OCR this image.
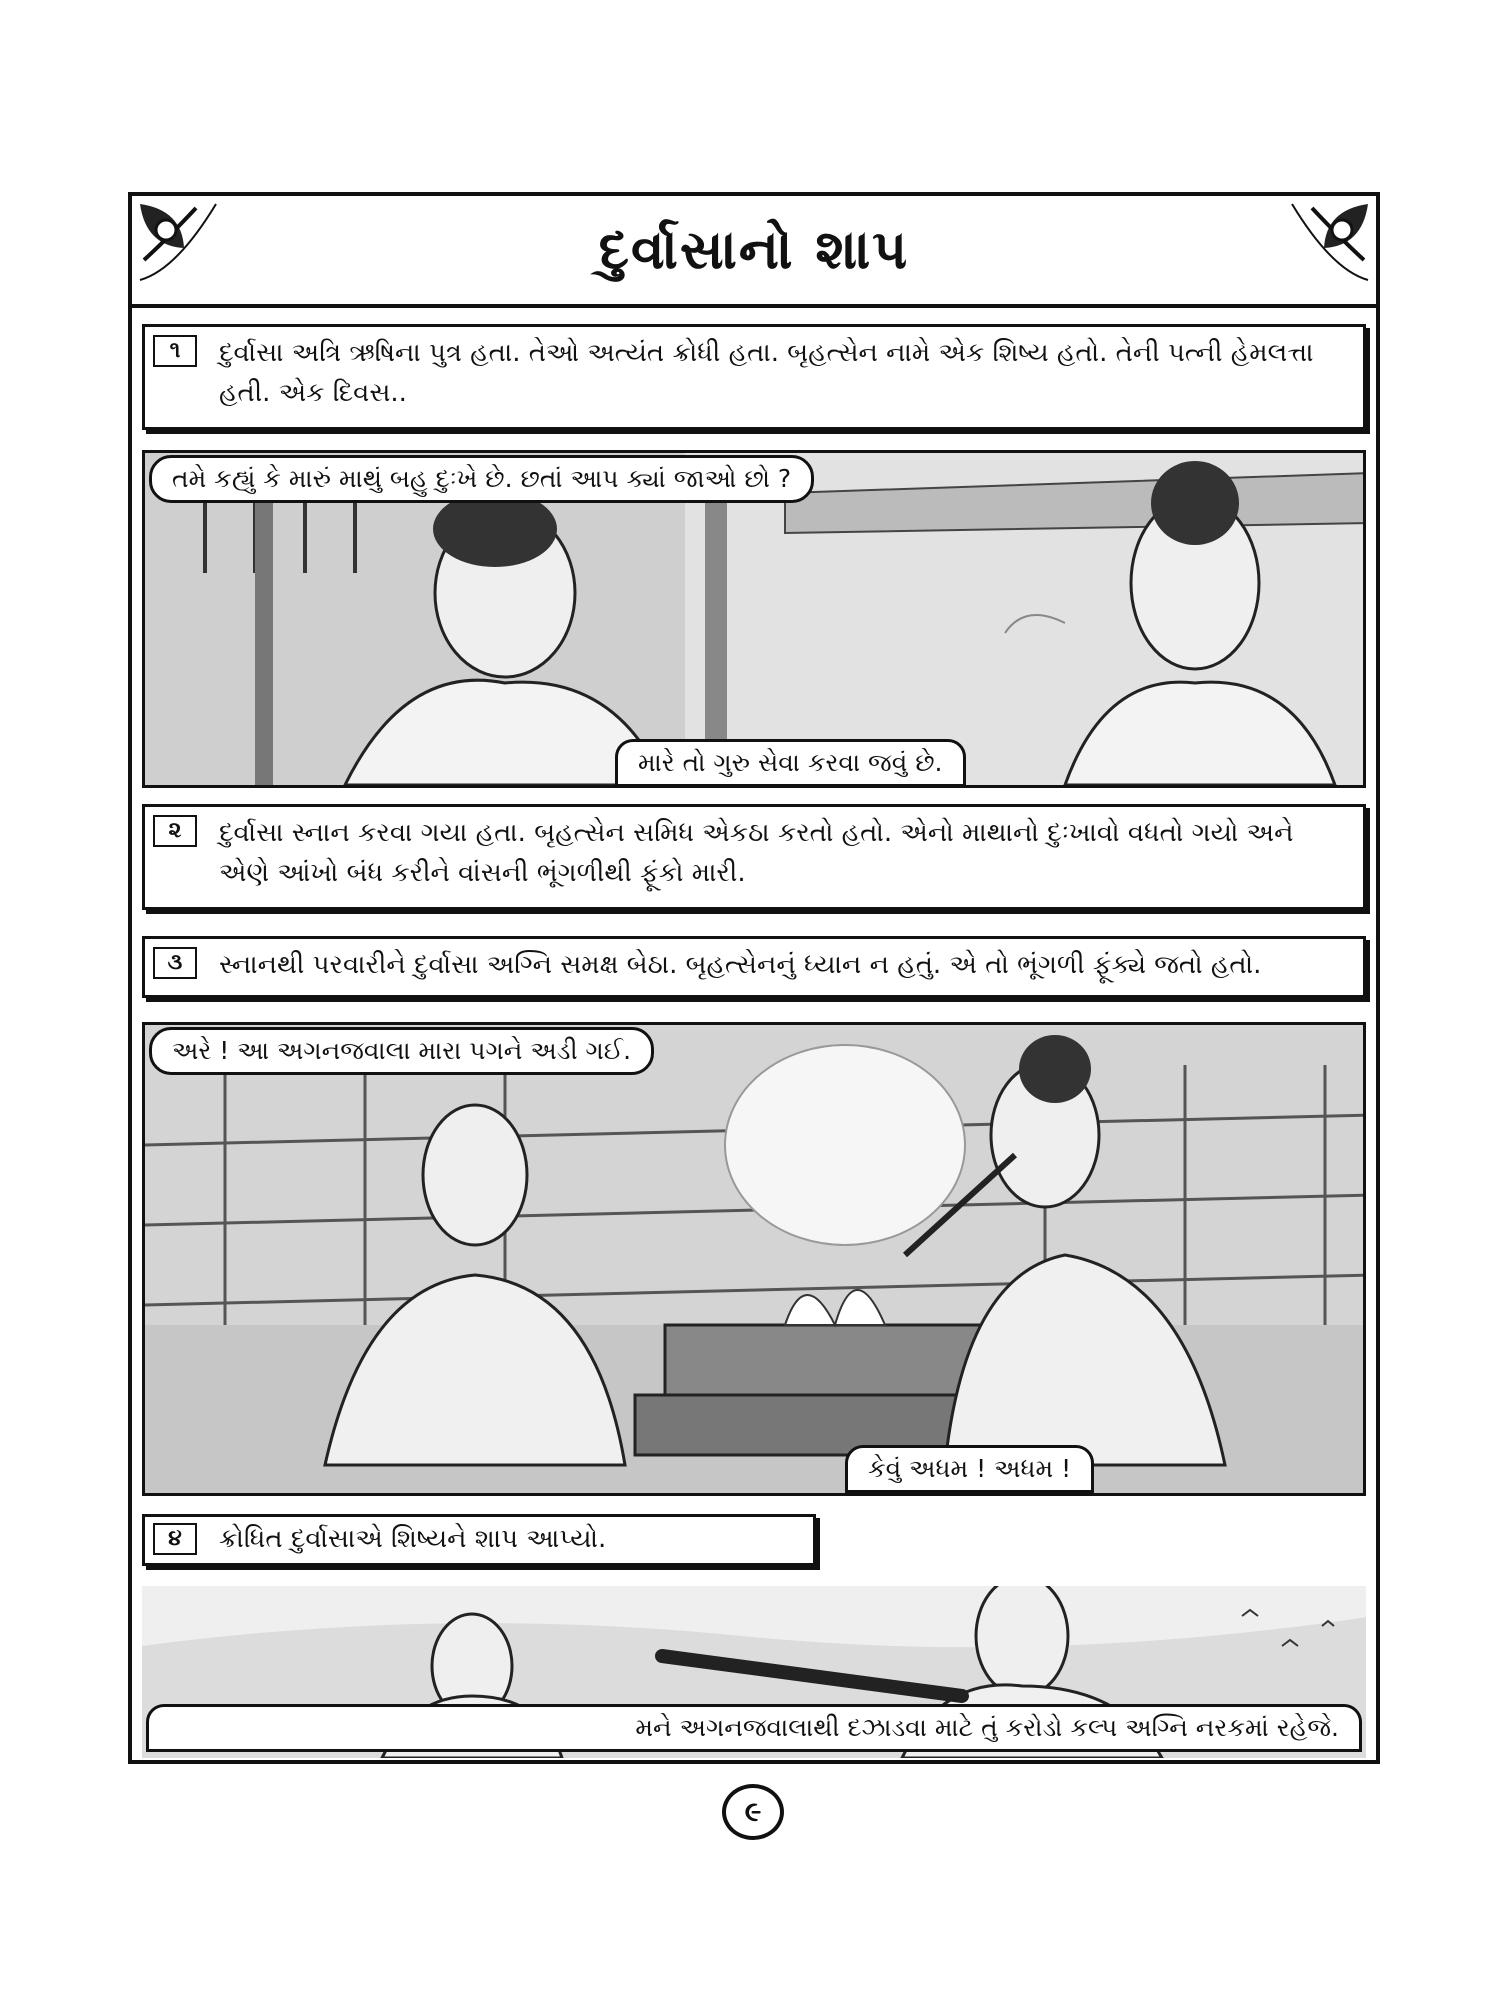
દુર્વાસાનો શાપ
૧	દુર્વાસા અત્રિ ઋષિના પુત્ર હતા. તેઓ અત્યંત ક્રોધી હતા. બૃહત્સેન નામે એક શિષ્ય હતો. તેની પત્ની હેમલત્તા હતી. એક દિવસ..
તમે કહ્યું કે મારું માથું બહુ દુઃખે છે. છતાં આપ ક્યાં જાઓ છો ?
મારે તો ગુરુ સેવા કરવા જવું છે.
૨	દુર્વાસા સ્નાન કરવા ગયા હતા. બૃહત્સેન સમિધ એકઠા કરતો હતો. એનો માથાનો દુઃખાવો વધતો ગયો અને એણે આંખો બંધ કરીને વાંસની ભૂંગળીથી ફૂંકો મારી.
૩	સ્નાનથી પરવારીને દુર્વાસા અગ્નિ સમક્ષ બેઠા. બૃહત્સેનનું ધ્યાન ન હતું. એ તો ભૂંગળી ફૂંક્યે જતો હતો.
અરે ! આ અગનજવાલા મારા પગને અડી ગઈ.
કેવું અધમ ! અધમ !
૪	ક્રોધિત દુર્વાસાએ શિષ્યને શાપ આપ્યો.
મને અગનજવાલાથી દઝાડવા માટે તું કરોડો કલ્પ અગ્નિ નરકમાં રહેજે.
૯
